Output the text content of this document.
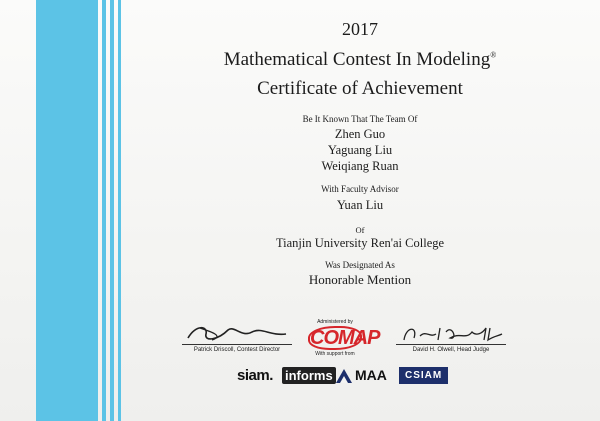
2017
Mathematical Contest In Modeling®
Certificate of Achievement
Be It Known That The Team Of
Zhen Guo
Yaguang Liu
Weiqiang Ruan
With Faculty Advisor
Yuan Liu
Of
Tianjin University Ren'ai College
Was Designated As
Honorable Mention
Patrick Driscoll, Contest Director
Administered by
COMAP
With support from
David H. Olwell, Head Judge
siam. informs MAA	CSIAM
